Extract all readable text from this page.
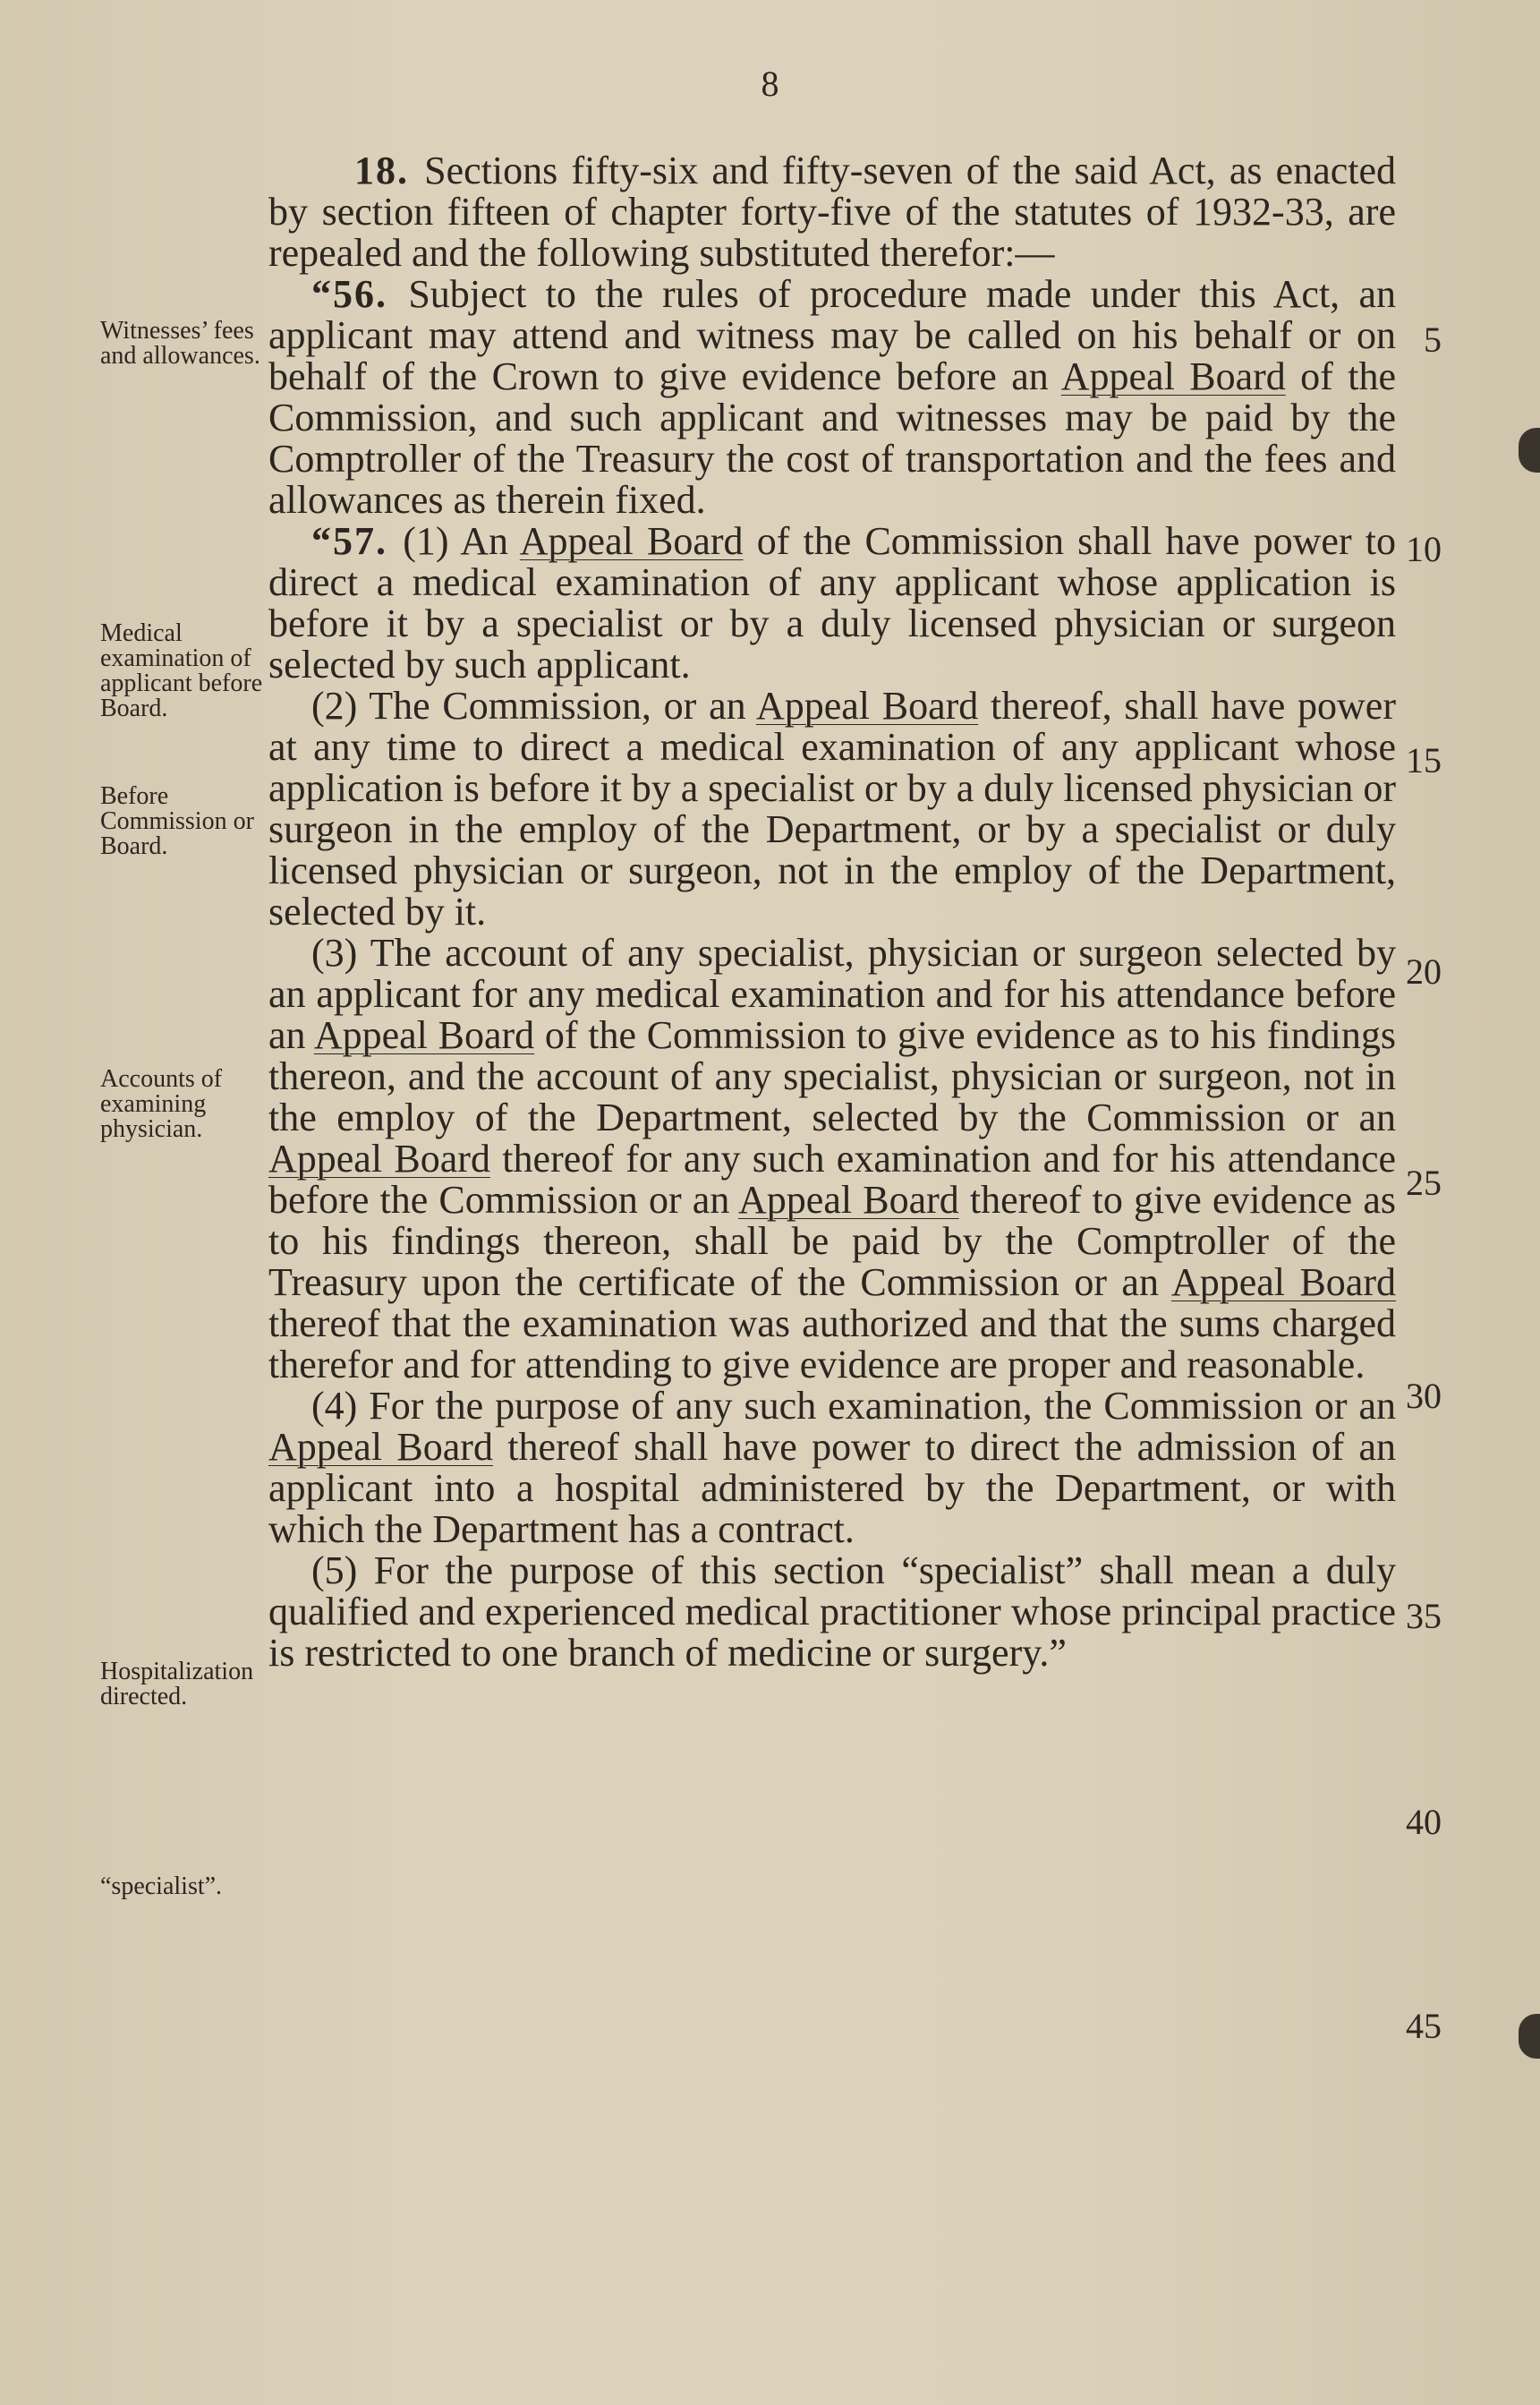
8
Witnesses’ fees and allowances.
Medical examination of applicant before Board.
Before Commission or Board.
Accounts of examining physician.
Hospitalization directed.
“specialist”.
5
10
15
20
25
30
35
40
45

18. Sections fifty-six and fifty-seven of the said Act, as enacted by section fifteen of chapter forty-five of the statutes of 1932-33, are repealed and the following substituted therefor:—

“56. Subject to the rules of procedure made under this Act, an applicant may attend and witness may be called on his behalf or on behalf of the Crown to give evidence before an Appeal Board of the Commission, and such applicant and witnesses may be paid by the Comptroller of the Treasury the cost of transportation and the fees and allowances as therein fixed.

“57. (1) An Appeal Board of the Commission shall have power to direct a medical examination of any applicant whose application is before it by a specialist or by a duly licensed physician or surgeon selected by such applicant.

(2) The Commission, or an Appeal Board thereof, shall have power at any time to direct a medical examination of any applicant whose application is before it by a specialist or by a duly licensed physician or surgeon in the employ of the Department, or by a specialist or duly licensed physician or surgeon, not in the employ of the Department, selected by it.

(3) The account of any specialist, physician or surgeon selected by an applicant for any medical examination and for his attendance before an Appeal Board of the Commission to give evidence as to his findings thereon, and the account of any specialist, physician or surgeon, not in the employ of the Department, selected by the Commission or an Appeal Board thereof for any such examination and for his attendance before the Commission or an Appeal Board thereof to give evidence as to his findings thereon, shall be paid by the Comptroller of the Treasury upon the certificate of the Commission or an Appeal Board thereof that the examination was authorized and that the sums charged therefor and for attending to give evidence are proper and reasonable.

(4) For the purpose of any such examination, the Commission or an Appeal Board thereof shall have power to direct the admission of an applicant into a hospital administered by the Department, or with which the Department has a contract.

(5) For the purpose of this section “specialist” shall mean a duly qualified and experienced medical practitioner whose principal practice is restricted to one branch of medicine or surgery.”
